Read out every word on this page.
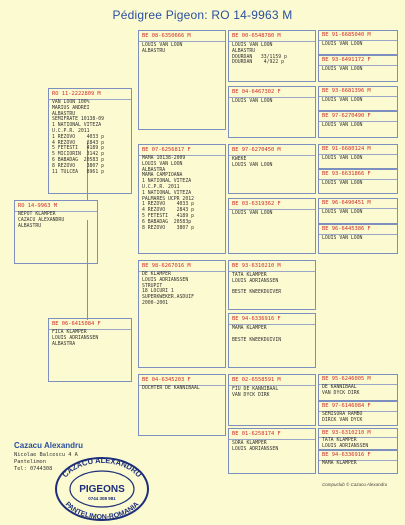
Pédigree Pigeon: RO 14-9963 M
RO 14-9963 M
NEPOT KLAMPER
CAZACU ALEXANDRU
ALBASTRU
RO 11-2222809 M
VAN LOON 100%
MARIUS ANDREI
ALBASTRU
SEMIFRATE 10138-09
1 NATIONAL VITEZA
U.C.P.R. 2011
1 REZOVO    4033 p
4 REZOVO    2843 p
5 FETESTI   4189 p
5 MICIORIN  3142 p
6 BABADAG  20583 p
8 REZOVO    3807 p
11 TULCEA   8961 p
BE 06-6415084 F
FICA KLAMPER
LOUIS ADRIANSSEN
ALBASTRA
BE 08-6350666 M
LOUIS VAN LOON
ALBASTRU
BE 07-6256817 F
MAMA 10138-2009
LOUIS VAN LOON
ALBASTRA
MAMA CAMPIOANA
1 NATIONAL VITEZA
U.C.P.R. 2011
1 NATIONAL VITEZA
PALMARES UCPR 2012
1 REZOVO    4033 p
4 REZOVO    2843 p
5 FETESTI   4189 p
6 BABADAG  20583p
8 REZOVO    3807 p
BE 98-6267016 M
DE KLAMPER
LOUIS ADRIANSSEN
STRUPIT
18 LOCURI 1
SUPERKWEKER.ASDUIF
2000-2001
BE 04-6345203 F
DOCHTER DE KANNIBAAL
BE 00-6548780 M
LOUIS VAN LOON
ALBASTRU
DOURDAN   33/1159 p
DOURDAN    4/922 p
BE 04-6467302 F
LOUIS VAN LOON
BE 97-6270450 M
KWEKE
LOUIS VAN LOON
BE 03-6319362 F
LOUIS VAN LOON
BE 93-6310210 M
TATA KLAMPER
LOUIS ADRIANSSEN

BESTE KWEEKDUIVER
BE 94-6336916 F
MAMA KLAMPER

BESTE KWEEKDUIVIN
BE 02-6558591 M
FIU DE KANNIBAAL
VAN DYCK DIRK
BE 01-6258174 F
SORA KLAMPER
LOUIS ADRIANSSEN
BE 91-6685040 M
LOUIS VAN LOON
BE 93-6491172 F
LOUIS VAN LOON
BE 93-6681396 M
LOUIS VAN LOON
BE 97-6270490 F
LOUIS VAN LOON
BE 91-6680124 M
LOUIS VAN LOON
BE 93-6631866 F
LOUIS VAN LOON
BE 96-6490451 M
LOUIS VAN LOON
BE 96-6445386 F
LOUIS VAN LOON
BE 95-6246005 M
DE KANNIBAAL
VAN DYCK DIRK
BE 97-6146084 F
SEMISORA RAMBO
DIRCK VAN DYCK
BE 93-6310210 M
TATA KLAMPER
LOUIS ADRIANSSEN
BE 94-6336916 F
MAMA KLAMPER
Cazacu Alexandru
Nicolae Balcescu 4 A
Pantelimon
Tel: 0744308
CAZACU ALEXANDRU
PANTELIMON-ROMANIA
PIGEONS
0744 308 981
Compuclub © Cazacu Alexandru
